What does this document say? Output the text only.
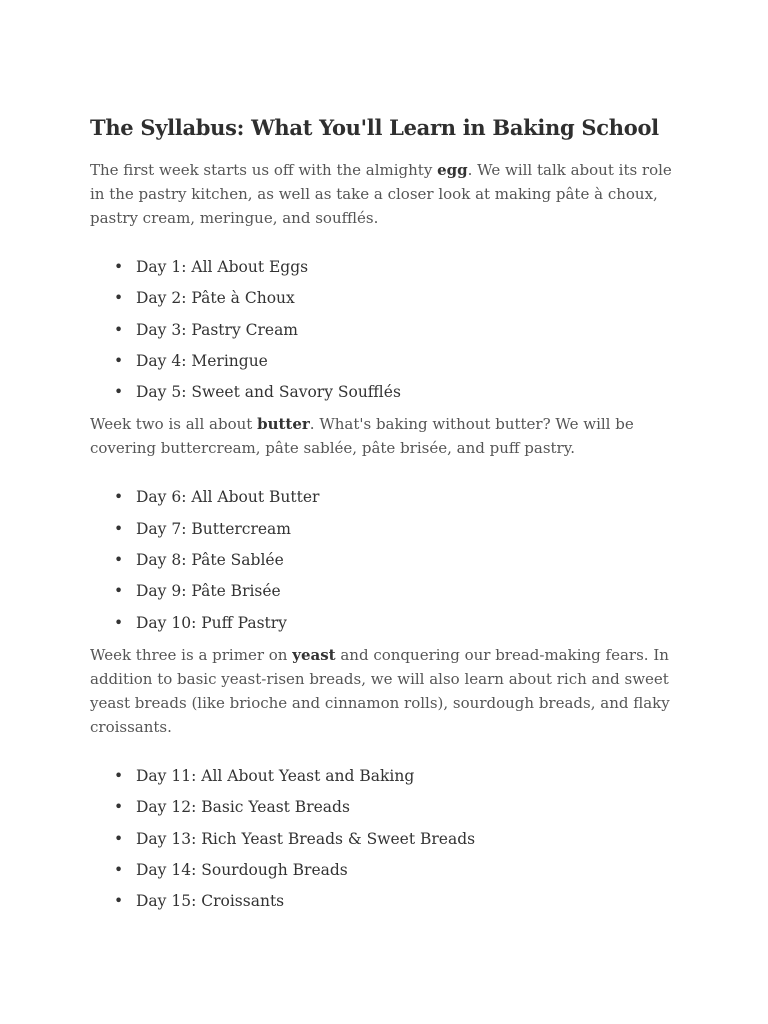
The Syllabus: What You'll Learn in Baking School

The first week starts us off with the almighty egg. We will talk about its role in the pastry kitchen, as well as take a closer look at making pâte à choux, pastry cream, meringue, and soufflés.

• Day 1: All About Eggs
• Day 2: Pâte à Choux
• Day 3: Pastry Cream
• Day 4: Meringue
• Day 5: Sweet and Savory Soufflés

Week two is all about butter. What's baking without butter? We will be covering buttercream, pâte sablée, pâte brisée, and puff pastry.

• Day 6: All About Butter
• Day 7: Buttercream
• Day 8: Pâte Sablée
• Day 9: Pâte Brisée
• Day 10: Puff Pastry

Week three is a primer on yeast and conquering our bread-making fears. In addition to basic yeast-risen breads, we will also learn about rich and sweet yeast breads (like brioche and cinnamon rolls), sourdough breads, and flaky croissants.

• Day 11: All About Yeast and Baking
• Day 12: Basic Yeast Breads
• Day 13: Rich Yeast Breads & Sweet Breads
• Day 14: Sourdough Breads
• Day 15: Croissants
